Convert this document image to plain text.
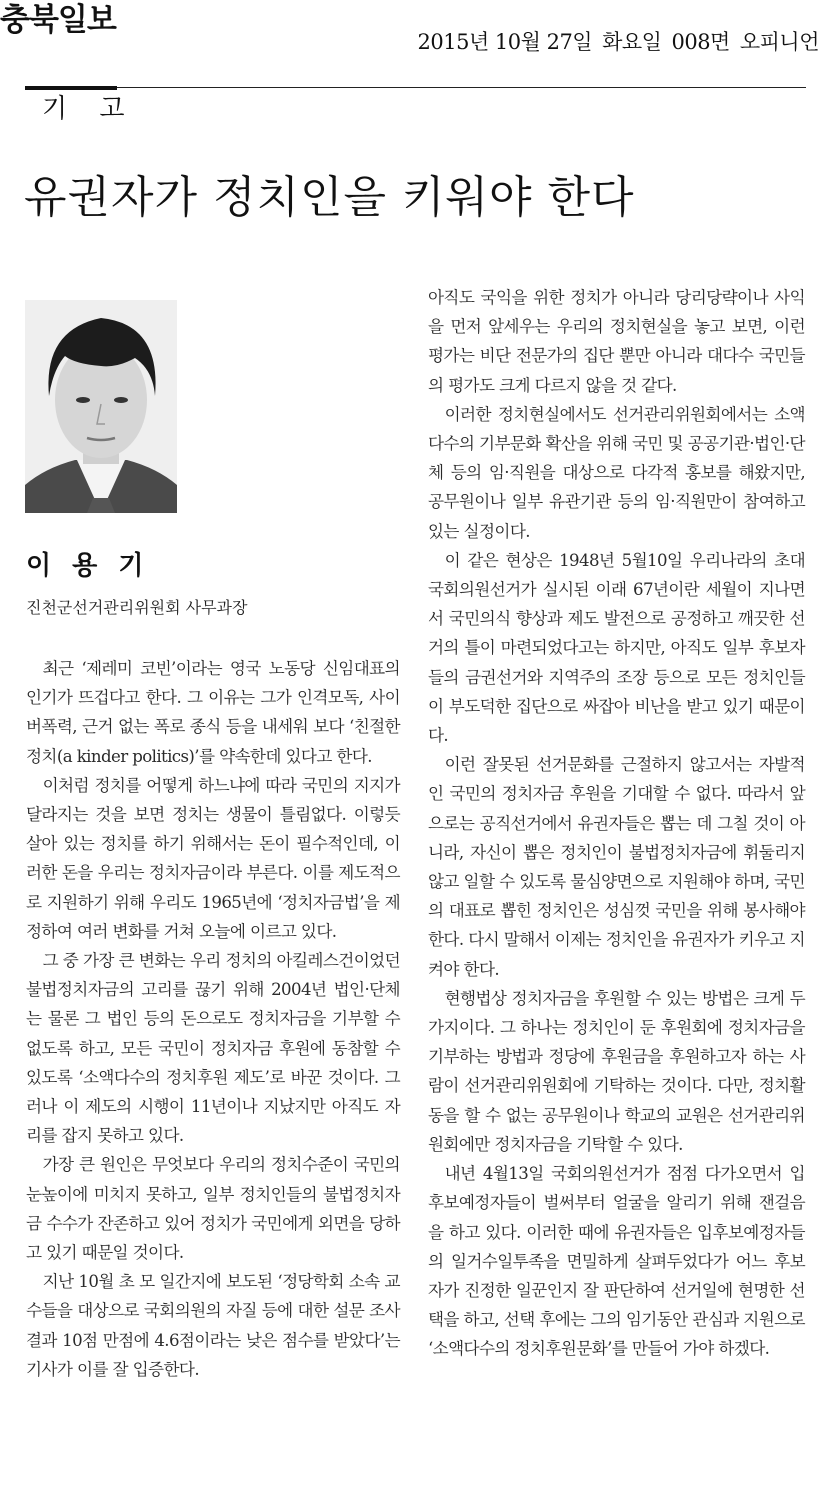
충북일보
2015년 10월 27일 화요일 008면 오피니언
기 고
유권자가 정치인을 키워야 한다
이 용 기
진천군선거관리위원회 사무과장

최근 ‘제레미 코빈’이라는 영국 노동당 신임대표의 인기가 뜨겁다고 한다. 그 이유는 그가 인격모독, 사이버폭력, 근거 없는 폭로 종식 등을 내세워 보다 ‘친절한 정치(a kinder politics)’를 약속한데 있다고 한다.

이처럼 정치를 어떻게 하느냐에 따라 국민의 지지가 달라지는 것을 보면 정치는 생물이 틀림없다. 이렇듯 살아 있는 정치를 하기 위해서는 돈이 필수적인데, 이러한 돈을 우리는 정치자금이라 부른다. 이를 제도적으로 지원하기 위해 우리도 1965년에 ‘정치자금법’을 제정하여 여러 변화를 거쳐 오늘에 이르고 있다.

그 중 가장 큰 변화는 우리 정치의 아킬레스건이었던 불법정치자금의 고리를 끊기 위해 2004년 법인·단체는 물론 그 법인 등의 돈으로도 정치자금을 기부할 수 없도록 하고, 모든 국민이 정치자금 후원에 동참할 수 있도록 ‘소액다수의 정치후원 제도’로 바꾼 것이다. 그러나 이 제도의 시행이 11년이나 지났지만 아직도 자리를 잡지 못하고 있다.

가장 큰 원인은 무엇보다 우리의 정치수준이 국민의 눈높이에 미치지 못하고, 일부 정치인들의 불법정치자금 수수가 잔존하고 있어 정치가 국민에게 외면을 당하고 있기 때문일 것이다.

지난 10월 초 모 일간지에 보도된 ‘정당학회 소속 교수들을 대상으로 국회의원의 자질 등에 대한 설문 조사 결과 10점 만점에 4.6점이라는 낮은 점수를 받았다’는 기사가 이를 잘 입증한다.

아직도 국익을 위한 정치가 아니라 당리당략이나 사익을 먼저 앞세우는 우리의 정치현실을 놓고 보면, 이런 평가는 비단 전문가의 집단 뿐만 아니라 대다수 국민들의 평가도 크게 다르지 않을 것 같다.

이러한 정치현실에서도 선거관리위원회에서는 소액다수의 기부문화 확산을 위해 국민 및 공공기관·법인·단체 등의 임·직원을 대상으로 다각적 홍보를 해왔지만, 공무원이나 일부 유관기관 등의 임·직원만이 참여하고 있는 실정이다.

이 같은 현상은 1948년 5월10일 우리나라의 초대 국회의원선거가 실시된 이래 67년이란 세월이 지나면서 국민의식 향상과 제도 발전으로 공정하고 깨끗한 선거의 틀이 마련되었다고는 하지만, 아직도 일부 후보자들의 금권선거와 지역주의 조장 등으로 모든 정치인들이 부도덕한 집단으로 싸잡아 비난을 받고 있기 때문이다.

이런 잘못된 선거문화를 근절하지 않고서는 자발적인 국민의 정치자금 후원을 기대할 수 없다. 따라서 앞으로는 공직선거에서 유권자들은 뽑는 데 그칠 것이 아니라, 자신이 뽑은 정치인이 불법정치자금에 휘둘리지 않고 일할 수 있도록 물심양면으로 지원해야 하며, 국민의 대표로 뽑힌 정치인은 성심껏 국민을 위해 봉사해야 한다. 다시 말해서 이제는 정치인을 유권자가 키우고 지켜야 한다.

현행법상 정치자금을 후원할 수 있는 방법은 크게 두 가지이다. 그 하나는 정치인이 둔 후원회에 정치자금을 기부하는 방법과 정당에 후원금을 후원하고자 하는 사람이 선거관리위원회에 기탁하는 것이다. 다만, 정치활동을 할 수 없는 공무원이나 학교의 교원은 선거관리위원회에만 정치자금을 기탁할 수 있다.

내년 4월13일 국회의원선거가 점점 다가오면서 입후보예정자들이 벌써부터 얼굴을 알리기 위해 잰걸음을 하고 있다. 이러한 때에 유권자들은 입후보예정자들의 일거수일투족을 면밀하게 살펴두었다가 어느 후보자가 진정한 일꾼인지 잘 판단하여 선거일에 현명한 선택을 하고, 선택 후에는 그의 임기동안 관심과 지원으로 ‘소액다수의 정치후원문화’를 만들어 가야 하겠다.
